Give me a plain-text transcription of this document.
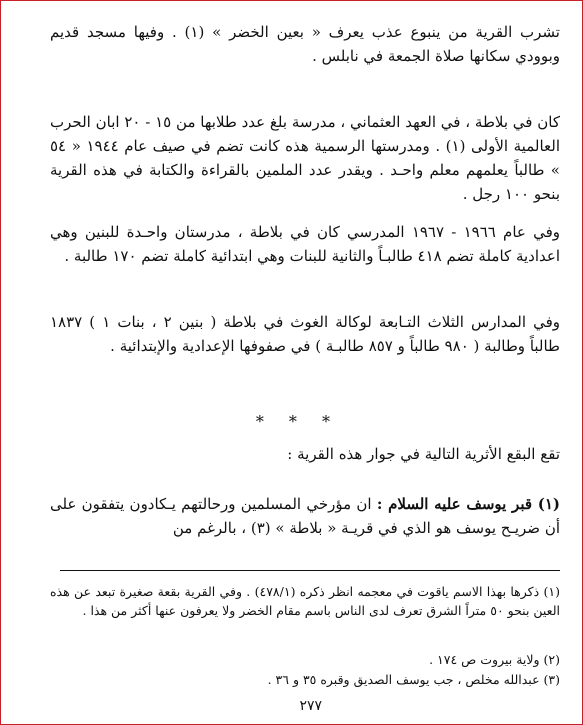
تشرب القرية من ينبوع عذب يعرف « بعين الخضر » (١) . وفيها مسجد قديم وبوودي سكانها صلاة الجمعة في نابلس .

كان في بلاطة ، في العهد العثماني ، مدرسة بلغ عدد طلابها من ١٥ - ٢٠ ابان الحرب العالمية الأولى (١) . ومدرستها الرسمية هذه كانت تضم في صيف عام ١٩٤٤ « ٥٤ » طالباً يعلمهم معلم واحـد . ويقدر عدد الملمين بالقراءة والكتابة في هذه القرية بنحو ١٠٠ رجل .

وفي عام ١٩٦٦ - ١٩٦٧ المدرسي كان في بلاطة ، مدرستان واحـدة للبنين وهي اعدادية كاملة تضم ٤١٨ طالبـاً والثانية للبنات وهي ابتدائية كاملة تضم ١٧٠ طالبة .

وفي المدارس الثلاث التـابعة لوكالة الغوث في بلاطة ( بنين ٢ ، بنات ١ ) ١٨٣٧ طالباً وطالبة ( ٩٨٠ طالباً و ٨٥٧ طالبـة ) في صفوفها الإعدادية والإبتدائية .

* * *

تقع البقع الأثرية التالية في جوار هذه القرية :

(١) قبر يوسف عليه السلام : ان مؤرخي المسلمين ورحالتهم يـكادون يتفقون على أن ضريـح يوسف هو الذي في قريـة « بلاطة » (٣) ، بالرغم من

(١) ذكرها بهذا الاسم ياقوت في معجمه انظر ذكره (٤٧٨/١) . وفي القرية بقعة صغيرة تبعد عن هذه العين بنحو ٥٠ متراً الشرق تعرف لدى الناس باسم مقام الخضر ولا يعرفون عنها أكثر من هذا .

(٢) ولاية بيروت ص ١٧٤ .

(٣) عبدالله مخلص ، جب يوسف الصديق وقبره ٣٥ و ٣٦ .

٢٧٧
